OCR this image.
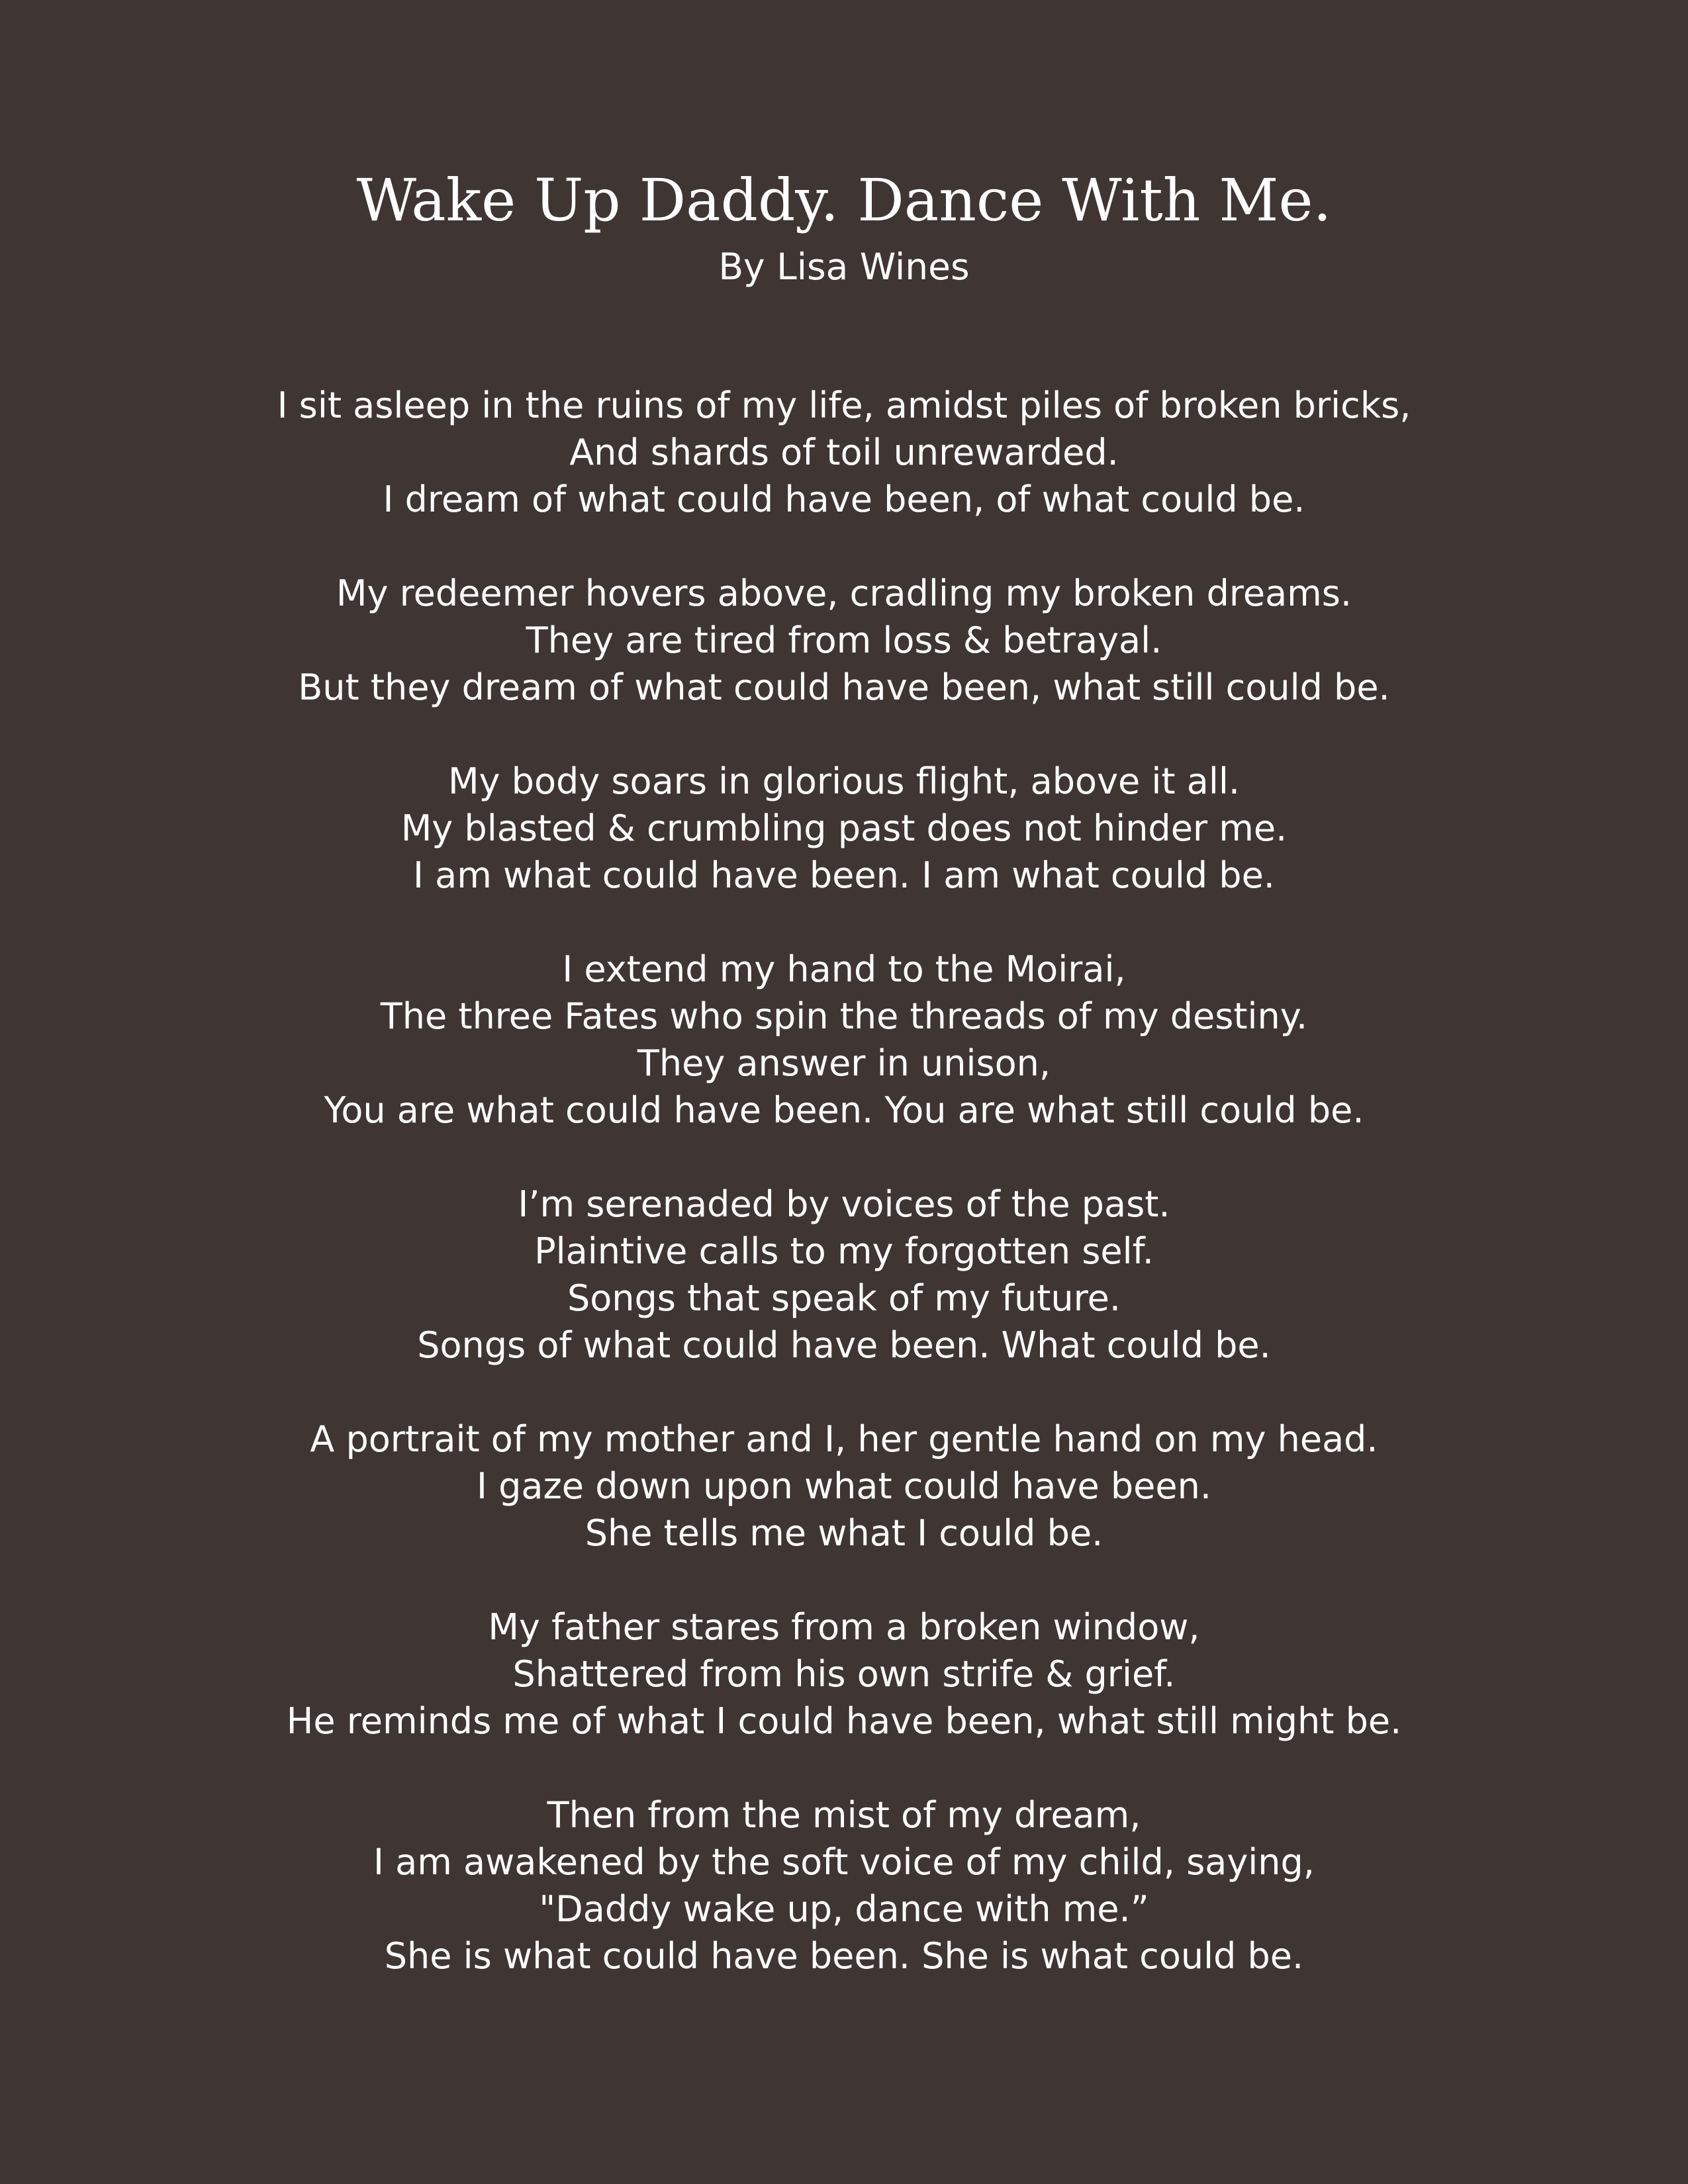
Wake Up Daddy. Dance With Me.
By Lisa Wines
I sit asleep in the ruins of my life, amidst piles of broken bricks,
And shards of toil unrewarded.
I dream of what could have been, of what could be.
My redeemer hovers above, cradling my broken dreams.
They are tired from loss & betrayal.
But they dream of what could have been, what still could be.
My body soars in glorious flight, above it all.
My blasted & crumbling past does not hinder me.
I am what could have been. I am what could be.
I extend my hand to the Moirai,
The three Fates who spin the threads of my destiny.
They answer in unison,
You are what could have been. You are what still could be.
I’m serenaded by voices of the past.
Plaintive calls to my forgotten self.
Songs that speak of my future.
Songs of what could have been. What could be.
A portrait of my mother and I, her gentle hand on my head.
I gaze down upon what could have been.
She tells me what I could be.
My father stares from a broken window,
Shattered from his own strife & grief.
He reminds me of what I could have been, what still might be.
Then from the mist of my dream,
I am awakened by the soft voice of my child, saying,
"Daddy wake up, dance with me.”
She is what could have been. She is what could be.
